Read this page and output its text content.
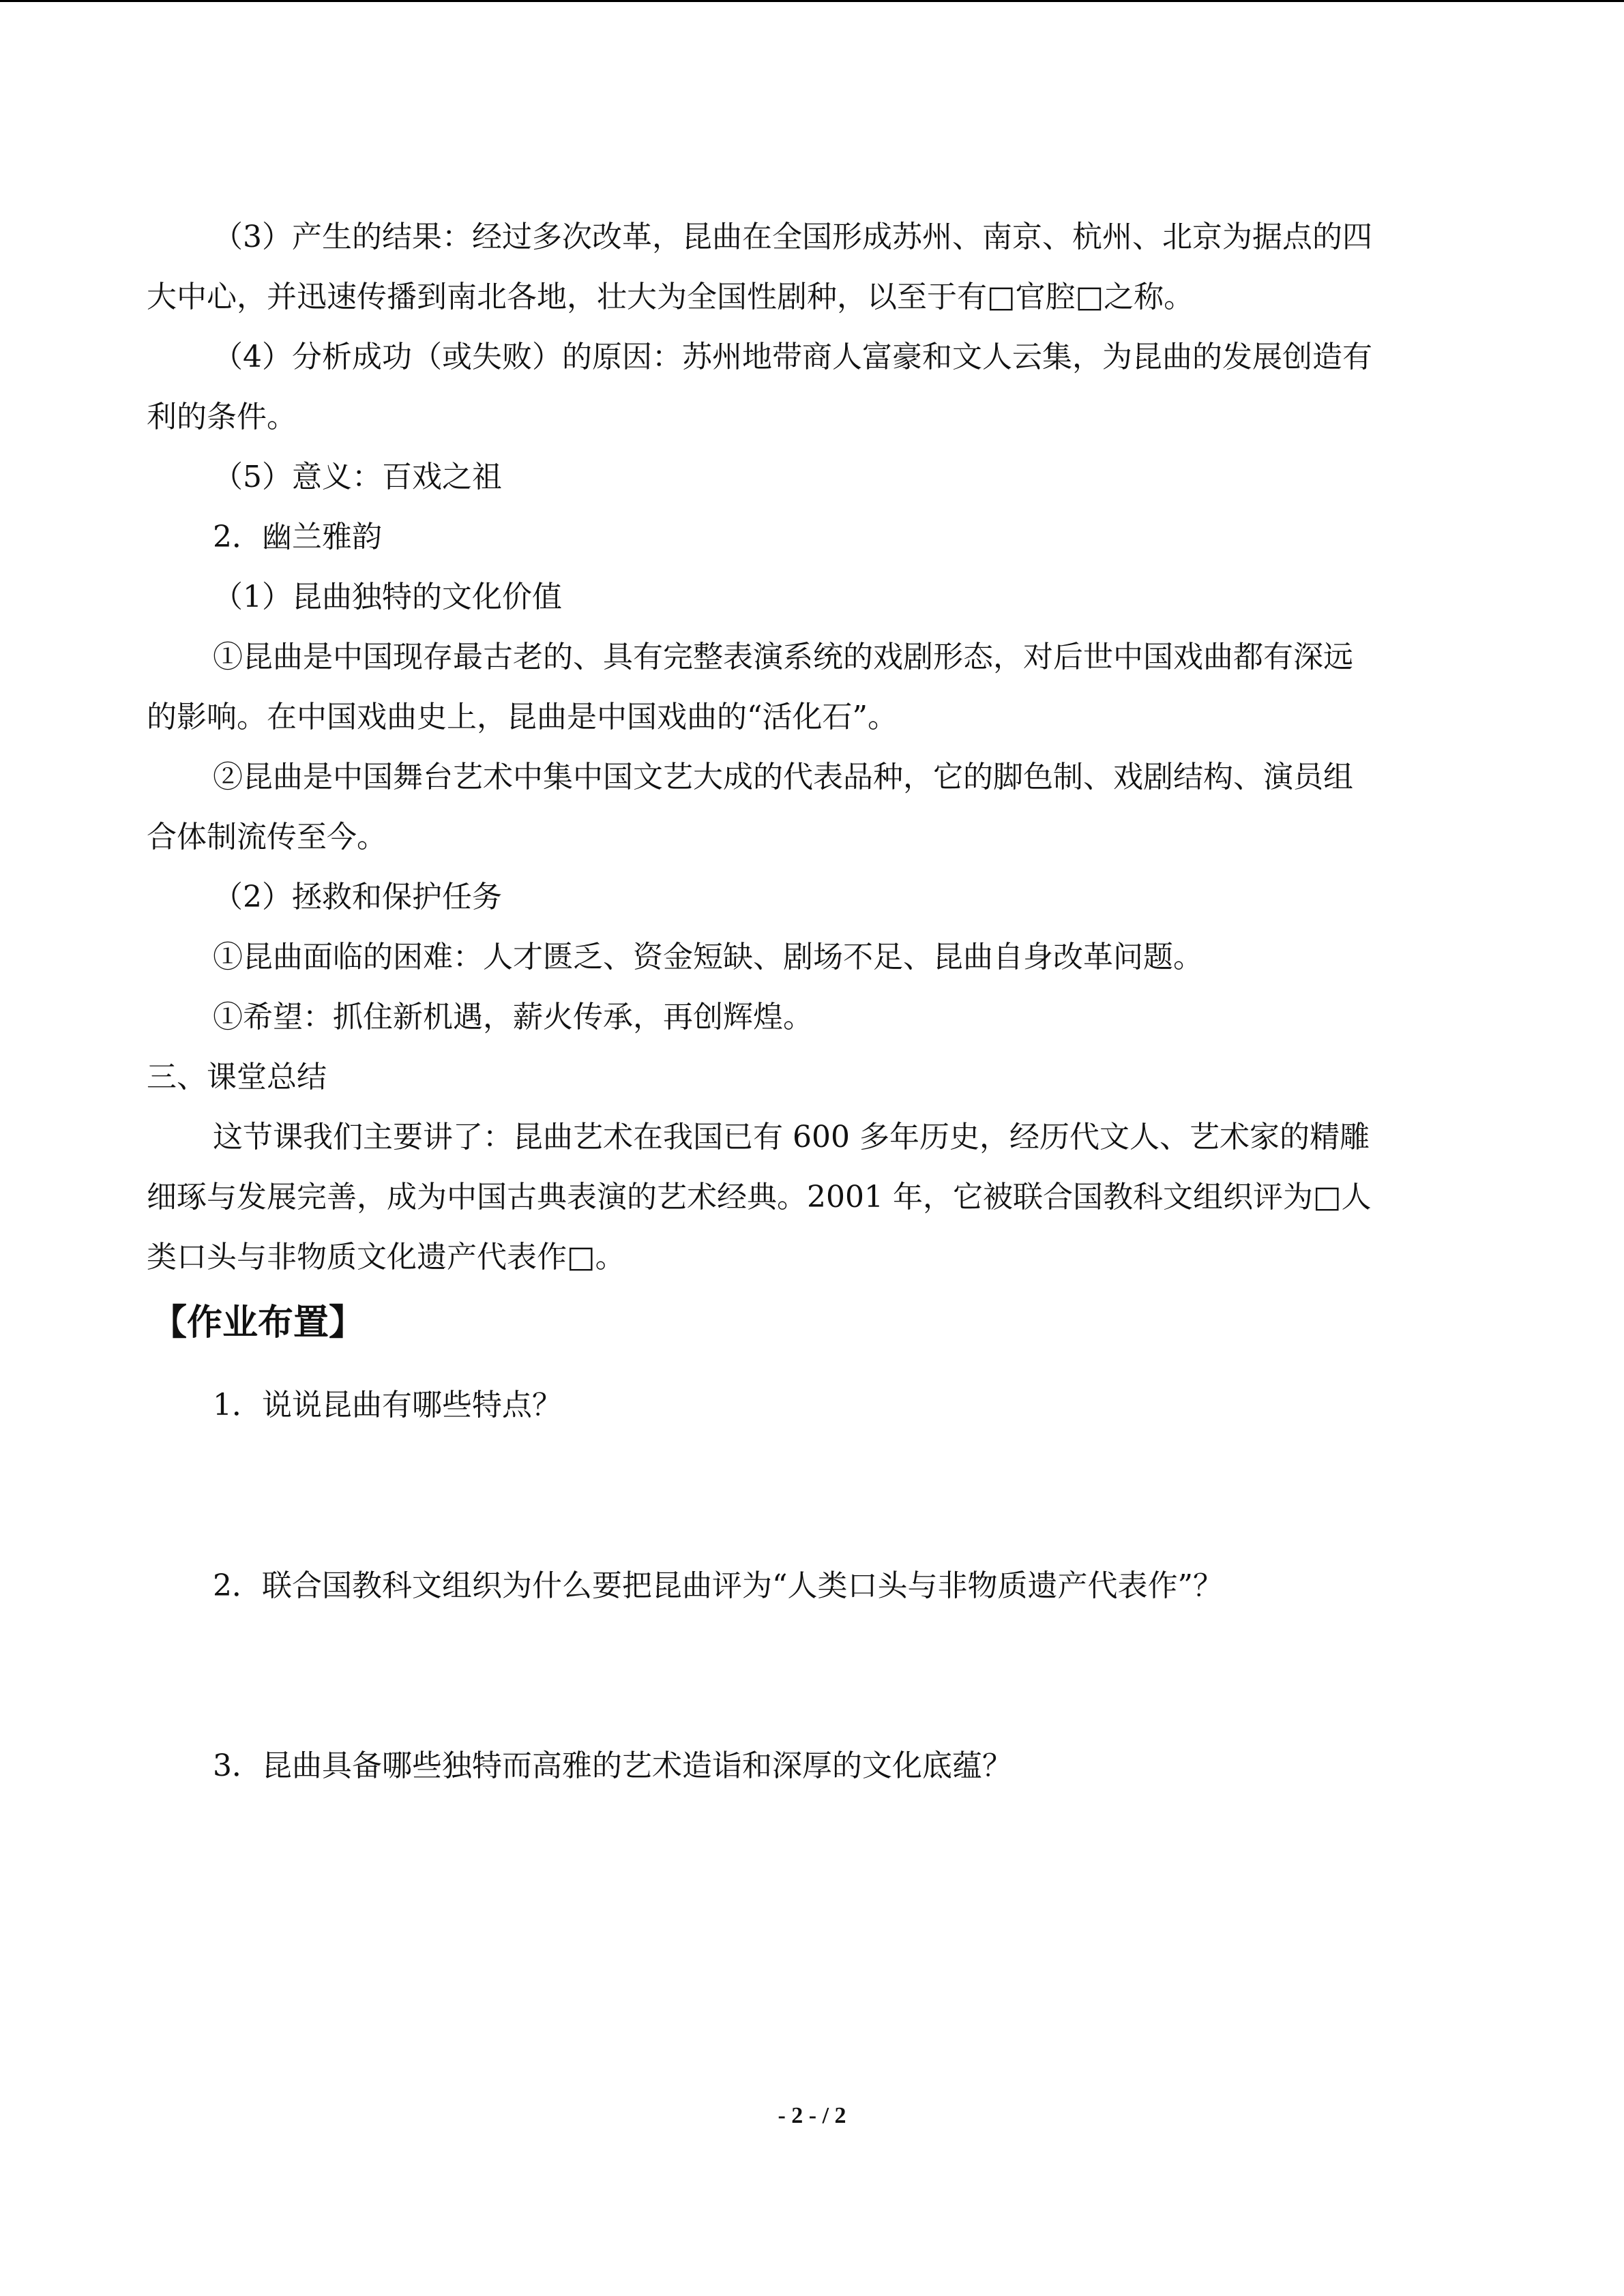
（3）产生的结果：经过多次改革，昆曲在全国形成苏州、南京、杭州、北京为据点的四
大中心，并迅速传播到南北各地，壮大为全国性剧种，以至于有□官腔□之称。
（4）分析成功（或失败）的原因：苏州地带商人富豪和文人云集，为昆曲的发展创造有
利的条件。
（5）意义：百戏之祖
2．幽兰雅韵
（1）昆曲独特的文化价值
①昆曲是中国现存最古老的、具有完整表演系统的戏剧形态，对后世中国戏曲都有深远
的影响。在中国戏曲史上，昆曲是中国戏曲的“活化石”。
②昆曲是中国舞台艺术中集中国文艺大成的代表品种，它的脚色制、戏剧结构、演员组
合体制流传至今。
（2）拯救和保护任务
①昆曲面临的困难：人才匮乏、资金短缺、剧场不足、昆曲自身改革问题。
①希望：抓住新机遇，薪火传承，再创辉煌。
三、课堂总结
这节课我们主要讲了：昆曲艺术在我国已有 600 多年历史，经历代文人、艺术家的精雕
细琢与发展完善，成为中国古典表演的艺术经典。2001 年，它被联合国教科文组织评为□人
类口头与非物质文化遗产代表作□。
【作业布置】
1．说说昆曲有哪些特点？
2．联合国教科文组织为什么要把昆曲评为“人类口头与非物质遗产代表作”？
3．昆曲具备哪些独特而高雅的艺术造诣和深厚的文化底蕴？
- 2 - / 2
